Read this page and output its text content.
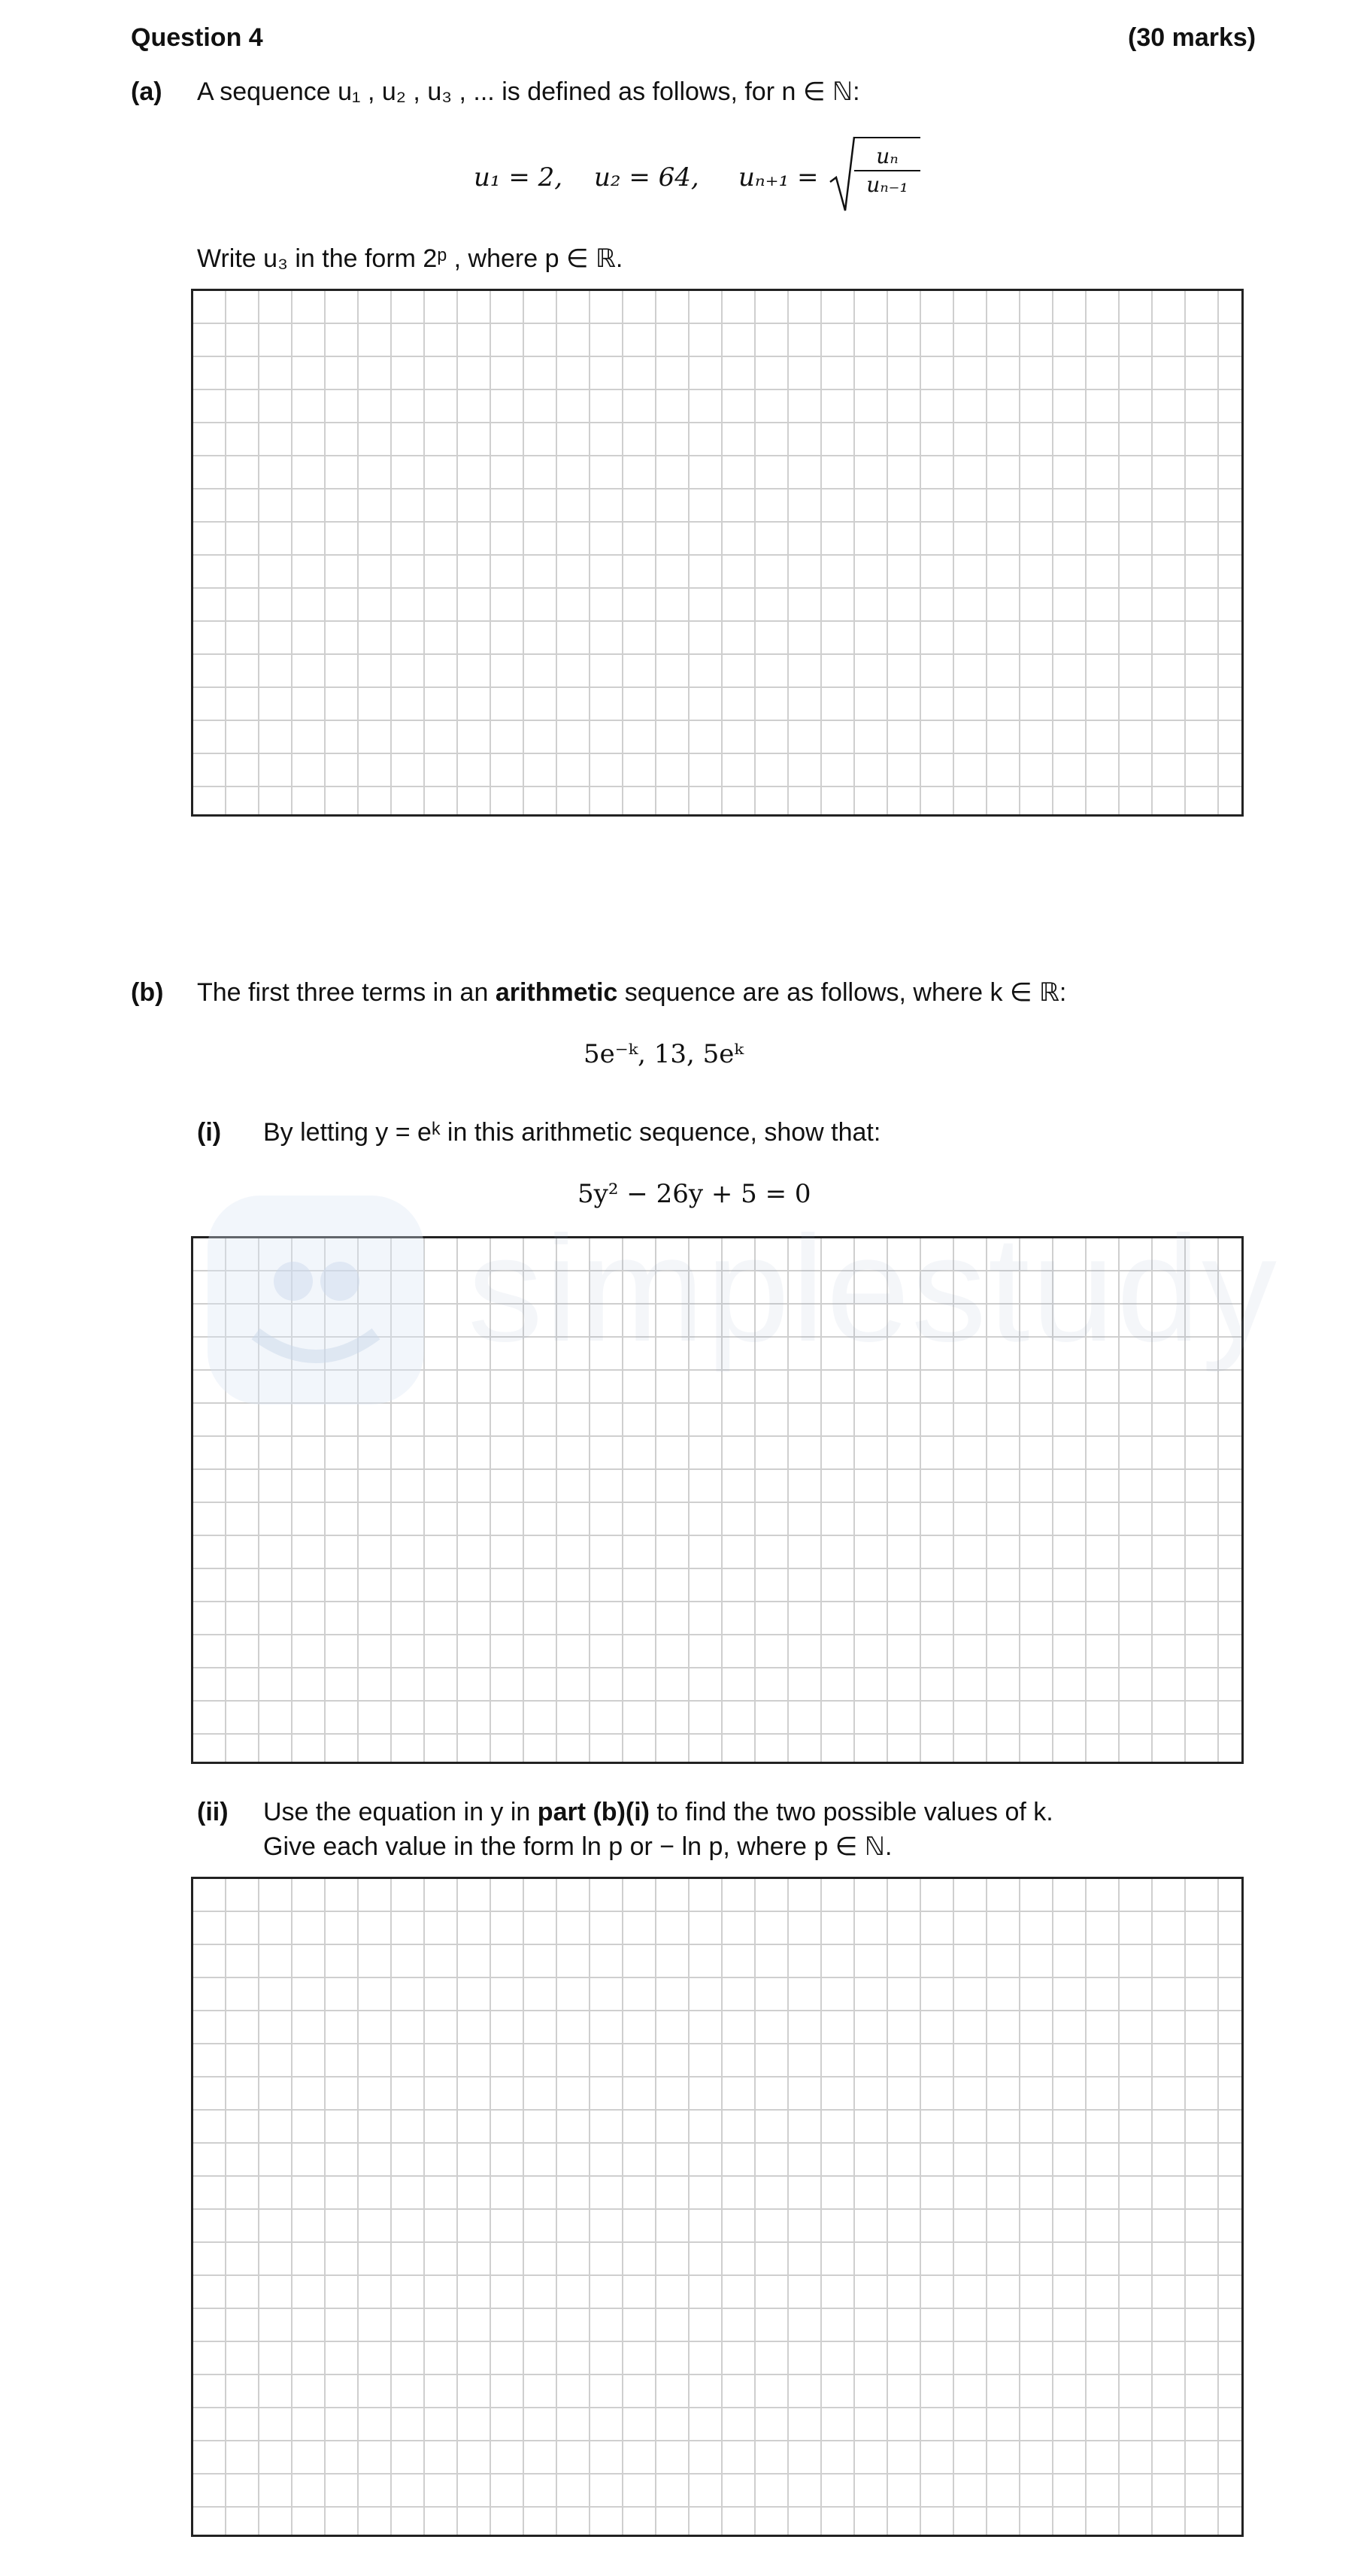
Question 4	(30 marks)
(a) A sequence u₁ , u₂ , u₃ , ... is defined as follows, for n ∈ ℕ:
u₁ = 2, u₂ = 64, $u_{n+1} = \frac{\text{uₙ}}{\text{uₙ₋₁}}$
Write u₃ in the form 2ᵖ , where p ∈ ℝ.
(b) The first three terms in an arithmetic sequence are as follows, where k ∈ ℝ:
5e⁻ᵏ, 13, 5eᵏ
(i) By letting y = eᵏ in this arithmetic sequence, show that:
5y² − 26y + 5 = 0
(ii) Use the equation in y in part (b)(i) to find the two possible values of k.
Give each value in the form ln p or − ln p, where p ∈ ℕ.
